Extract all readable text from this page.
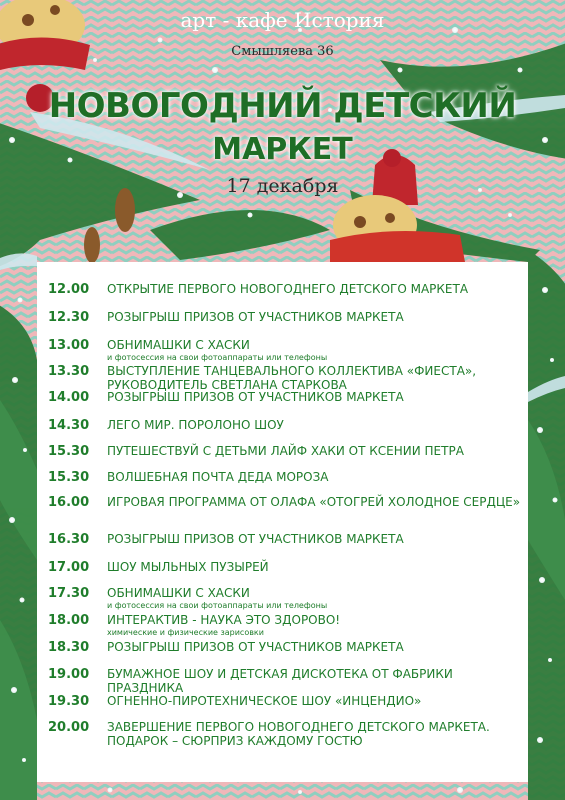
арт - кафе История
Смышляева 36
НОВОГОДНИЙ ДЕТСКИЙ
МАРКЕТ
17 декабря
12.00	ОТКРЫТИЕ ПЕРВОГО НОВОГОДНЕГО ДЕТСКОГО МАРКЕТА
12.30	РОЗЫГРЫШ ПРИЗОВ ОТ УЧАСТНИКОВ МАРКЕТА
13.00	ОБНИМАШКИ С ХАСКИ
и фотосессия на свои фотоаппараты или телефоны
13.30	ВЫСТУПЛЕНИЕ ТАНЦЕВАЛЬНОГО КОЛЛЕКТИВА «ФИЕСТА», РУКОВОДИТЕЛЬ СВЕТЛАНА СТАРКОВА
14.00	РОЗЫГРЫШ ПРИЗОВ ОТ УЧАСТНИКОВ МАРКЕТА
14.30	ЛЕГО МИР. ПОРОЛОНО ШОУ
15.30	ПУТЕШЕСТВУЙ С ДЕТЬМИ ЛАЙФ ХАКИ ОТ КСЕНИИ ПЕТРА
15.30	ВОЛШЕБНАЯ ПОЧТА ДЕДА МОРОЗА
16.00	ИГРОВАЯ ПРОГРАММА ОТ ОЛАФА «ОТОГРЕЙ ХОЛОДНОЕ СЕРДЦЕ»
16.30	РОЗЫГРЫШ ПРИЗОВ ОТ УЧАСТНИКОВ МАРКЕТА
17.00	ШОУ МЫЛЬНЫХ ПУЗЫРЕЙ
17.30	ОБНИМАШКИ С ХАСКИ
и фотосессия на свои фотоаппараты или телефоны
18.00	ИНТЕРАКТИВ - НАУКА ЭТО ЗДОРОВО!
химические и физические зарисовки
18.30	РОЗЫГРЫШ ПРИЗОВ ОТ УЧАСТНИКОВ МАРКЕТА
19.00	БУМАЖНОЕ ШОУ И ДЕТСКАЯ ДИСКОТЕКА ОТ ФАБРИКИ ПРАЗДНИКА
19.30	ОГНЕННО-ПИРОТЕХНИЧЕСКОЕ ШОУ «ИНЦЕНДИО»
20.00	ЗАВЕРШЕНИЕ ПЕРВОГО НОВОГОДНЕГО ДЕТСКОГО МАРКЕТА. ПОДАРОК – СЮРПРИЗ КАЖДОМУ ГОСТЮ
